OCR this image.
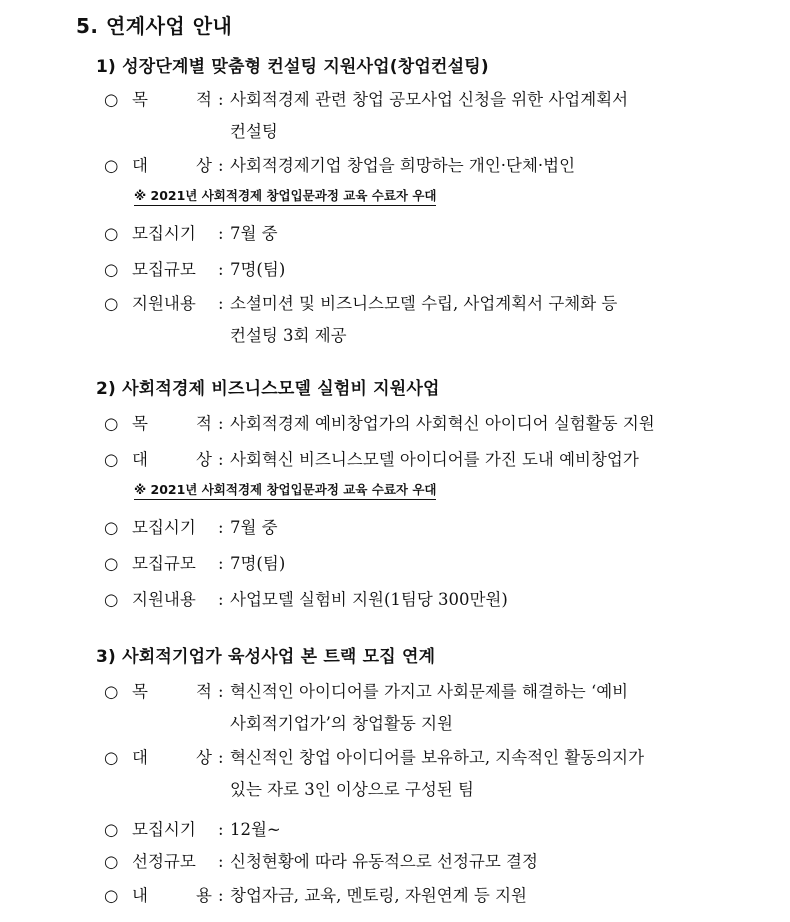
5. 연계사업 안내
1) 성장단계별 맞춤형 컨설팅 지원사업(창업컨설팅)
○ 목	적 : 사회적경제 관련 창업 공모사업 신청을 위한 사업계획서
컨설팅
○ 대	상 : 사회적경제기업 창업을 희망하는 개인·단체·법인
※ 2021년 사회적경제 창업입문과정 교육 수료자 우대
○ 모집시기	: 7월 중
○ 모집규모	: 7명(팀)
○ 지원내용	: 소셜미션 및 비즈니스모델 수립, 사업계획서 구체화 등
컨설팅 3회 제공
2) 사회적경제 비즈니스모델 실험비 지원사업
○ 목	적 : 사회적경제 예비창업가의 사회혁신 아이디어 실험활동 지원
○ 대	상 : 사회혁신 비즈니스모델 아이디어를 가진 도내 예비창업가
※ 2021년 사회적경제 창업입문과정 교육 수료자 우대
○ 모집시기	: 7월 중
○ 모집규모	: 7명(팀)
○ 지원내용	: 사업모델 실험비 지원(1팀당 300만원)
3) 사회적기업가 육성사업 본 트랙 모집 연계
○ 목	적 : 혁신적인 아이디어를 가지고 사회문제를 해결하는 ‘예비
사회적기업가’의 창업활동 지원
○ 대	상 : 혁신적인 창업 아이디어를 보유하고, 지속적인 활동의지가
있는 자로 3인 이상으로 구성된 팀
○ 모집시기	: 12월~
○ 선정규모	: 신청현황에 따라 유동적으로 선정규모 결정
○ 내	용 : 창업자금, 교육, 멘토링, 자원연계 등 지원
